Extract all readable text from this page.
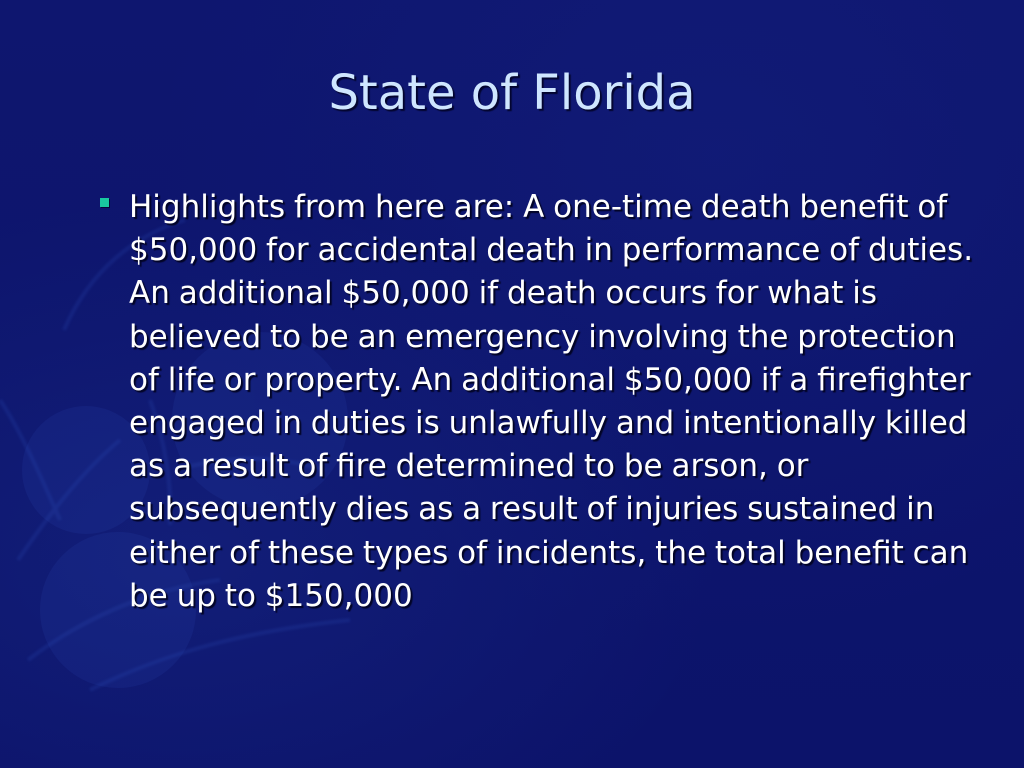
State of Florida
Highlights from here are: A one-time death benefit of $50,000 for accidental death in performance of duties. An additional $50,000 if death occurs for what is believed to be an emergency involving the protection of life or property. An additional $50,000 if a firefighter engaged in duties is unlawfully and intentionally killed as a result of fire determined to be arson, or subsequently dies as a result of injuries sustained in either of these types of incidents, the total benefit can be up to $150,000
